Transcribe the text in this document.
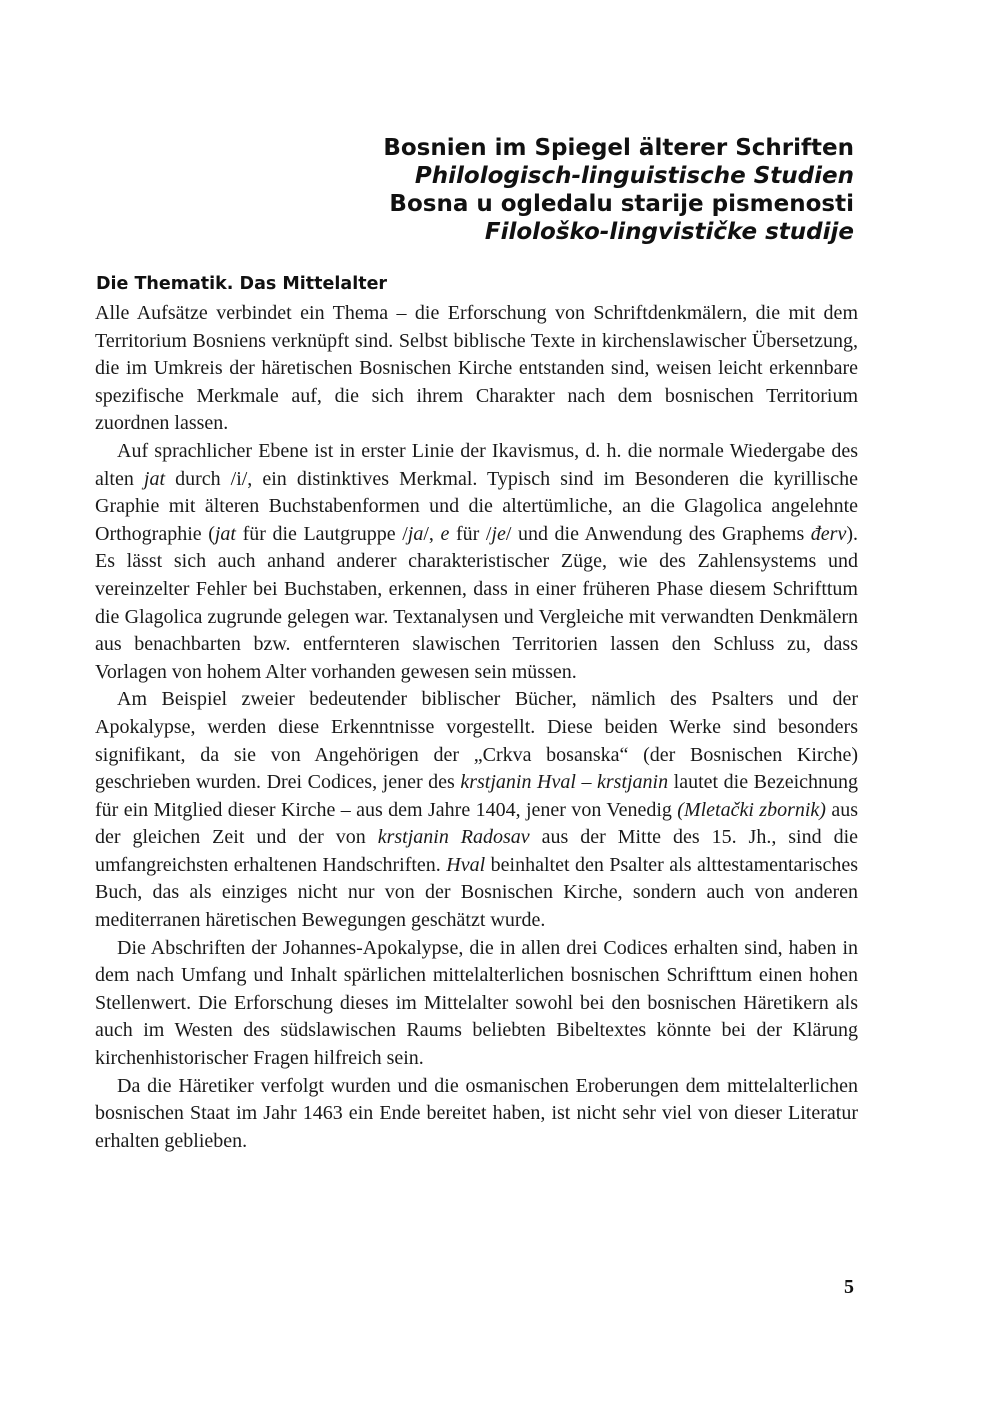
Bosnien im Spiegel älterer Schriften
Philologisch-linguistische Studien
Bosna u ogledalu starije pismenosti
Filološko-lingvističke studije
Die Thematik. Das Mittelalter

Alle Aufsätze verbindet ein Thema – die Erforschung von Schriftdenkmälern, die mit dem Territorium Bosniens verknüpft sind. Selbst biblische Texte in kirchenslawischer Übersetzung, die im Umkreis der häretischen Bosnischen Kirche entstanden sind, weisen leicht erkennbare spezifische Merkmale auf, die sich ihrem Charakter nach dem bosnischen Territorium zuordnen lassen.

Auf sprachlicher Ebene ist in erster Linie der Ikavismus, d. h. die normale Wiedergabe des alten jat durch /i/, ein distinktives Merkmal. Typisch sind im Besonderen die kyrillische Graphie mit älteren Buchstabenformen und die altertümliche, an die Glagolica angelehnte Orthographie (jat für die Lautgruppe /ja/, e für /je/ und die Anwendung des Graphems đerv). Es lässt sich auch anhand anderer charakteristischer Züge, wie des Zahlensystems und vereinzelter Fehler bei Buchstaben, erkennen, dass in einer früheren Phase diesem Schrifttum die Glagolica zugrunde gelegen war. Textanalysen und Vergleiche mit verwandten Denkmälern aus benachbarten bzw. entfernteren slawischen Territorien lassen den Schluss zu, dass Vorlagen von hohem Alter vorhanden gewesen sein müssen.

Am Beispiel zweier bedeutender biblischer Bücher, nämlich des Psalters und der Apokalypse, werden diese Erkenntnisse vorgestellt. Diese beiden Werke sind besonders signifikant, da sie von Angehörigen der „Crkva bosanska“ (der Bosnischen Kirche) geschrieben wurden. Drei Codices, jener des krstjanin Hval – krstjanin lautet die Bezeichnung für ein Mitglied dieser Kirche – aus dem Jahre 1404, jener von Venedig (Mletački zbornik) aus der gleichen Zeit und der von krstjanin Radosav aus der Mitte des 15. Jh., sind die umfangreichsten erhaltenen Handschriften. Hval beinhaltet den Psalter als alttestamentarisches Buch, das als einziges nicht nur von der Bosnischen Kirche, sondern auch von anderen mediterranen häretischen Bewegungen geschätzt wurde.

Die Abschriften der Johannes-Apokalypse, die in allen drei Codices erhalten sind, haben in dem nach Umfang und Inhalt spärlichen mittelalterlichen bosnischen Schrifttum einen hohen Stellenwert. Die Erforschung dieses im Mittelalter sowohl bei den bosnischen Häretikern als auch im Westen des südslawischen Raums beliebten Bibeltextes könnte bei der Klärung kirchenhistorischer Fragen hilfreich sein.

Da die Häretiker verfolgt wurden und die osmanischen Eroberungen dem mittelalterlichen bosnischen Staat im Jahr 1463 ein Ende bereitet haben, ist nicht sehr viel von dieser Literatur erhalten geblieben.

5
